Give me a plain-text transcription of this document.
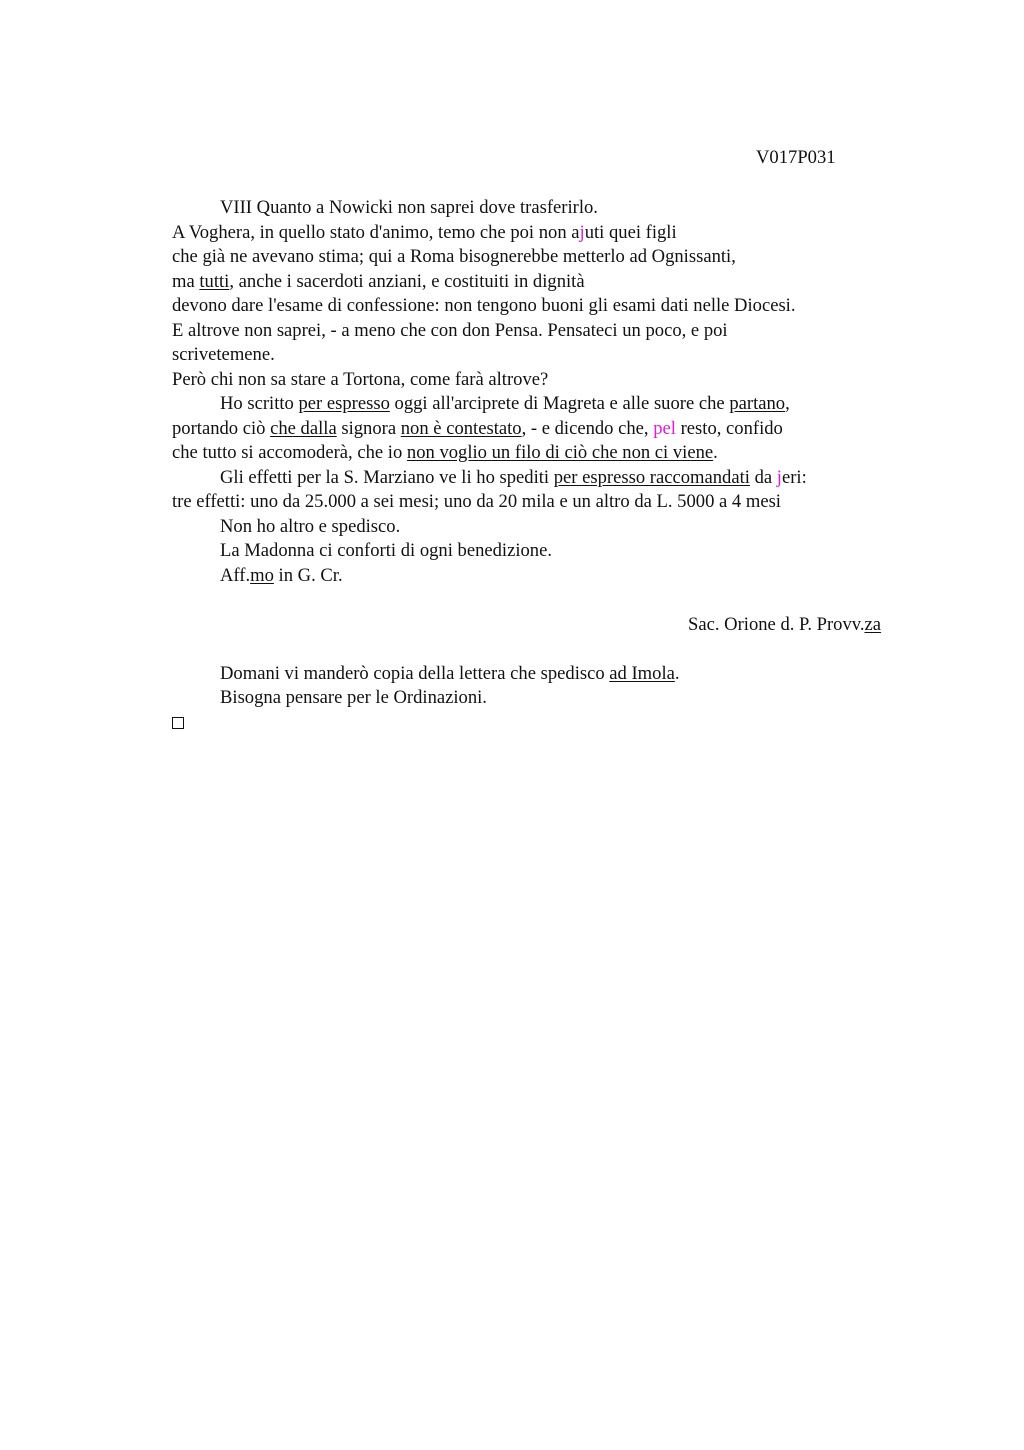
V017P031
VIII Quanto a Nowicki non saprei dove trasferirlo.
A Voghera, in quello stato d'animo, temo che poi non ajuti quei figli
che già ne avevano stima; qui a Roma bisognerebbe metterlo ad Ognissanti,
ma tutti, anche i sacerdoti anziani, e costituiti in dignità
devono dare l'esame di confessione: non tengono buoni gli esami dati nelle Diocesi.
E altrove non saprei, - a meno che con don Pensa. Pensateci un poco, e poi
scrivetemene.
Però chi non sa stare a Tortona, come farà altrove?
Ho scritto per espresso oggi all'arciprete di Magreta e alle suore che partano,
portando ciò che dalla signora non è contestato, - e dicendo che, pel resto, confido
che tutto si accomoderà, che io non voglio un filo di ciò che non ci viene.
Gli effetti per la S. Marziano ve li ho spediti per espresso raccomandati da jeri:
tre effetti: uno da 25.000 a sei mesi; uno da 20 mila e un altro da L. 5000 a 4 mesi
Non ho altro e spedisco.
La Madonna ci conforti di ogni benedizione.
Aff.mo in G. Cr.
Sac. Orione d. P. Provv.za
Domani vi manderò copia della lettera che spedisco ad Imola.
Bisogna pensare per le Ordinazioni.
